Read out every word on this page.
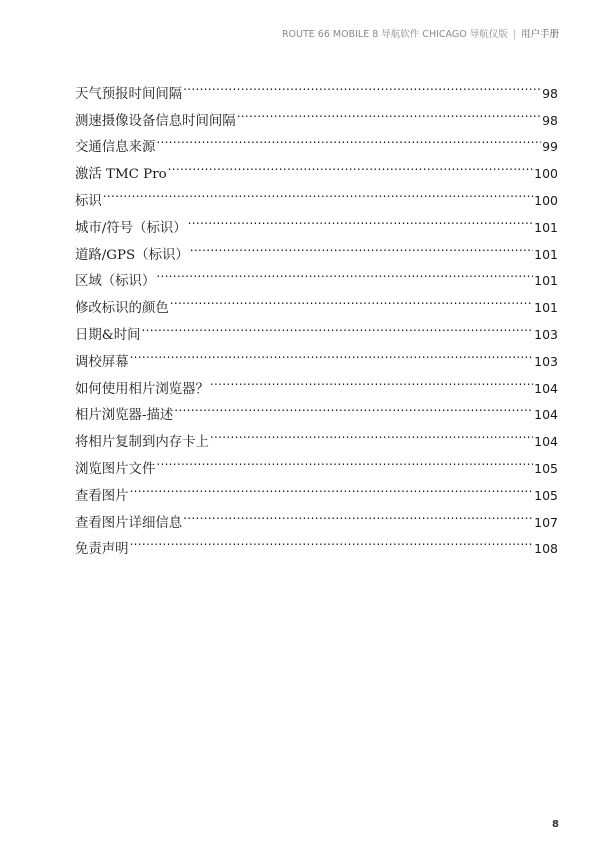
ROUTE 66 MOBILE 8 导航软件 CHICAGO 导航仪版 | 用户手册
天气预报时间间隔 .....	98
测速摄像设备信息时间间隔 .....	98
交通信息来源 .....	99
激活 TMC Pro .....	100
标识 .....	100
城市/符号（标识） .....	101
道路/GPS（标识） .....	101
区域（标识） .....	101
修改标识的颜色 .....	101
日期&时间 .....	103
调校屏幕 .....	103
如何使用相片浏览器？ .....	104
相片浏览器-描述 .....	104
将相片复制到内存卡上 .....	104
浏览图片文件 .....	105
查看图片 .....	105
查看图片详细信息 .....	107
免责声明 .....	108
8
